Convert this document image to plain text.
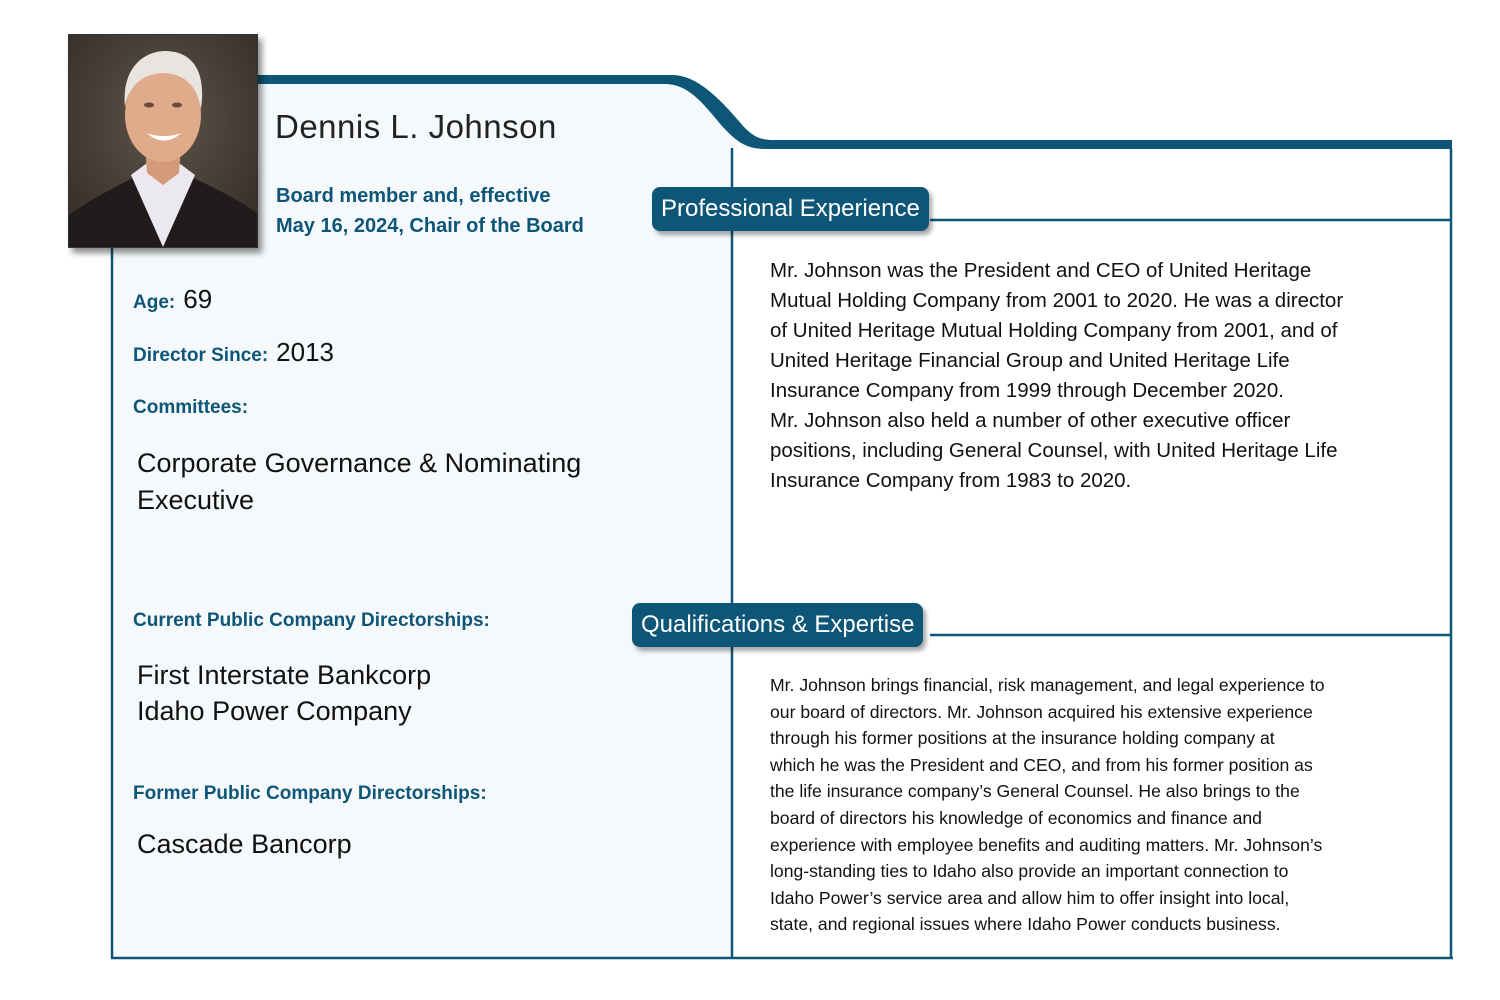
Dennis L. Johnson
Board member and, effective
May 16, 2024, Chair of the Board
Age: 69
Director Since: 2013
Committees:
Corporate Governance & Nominating
Executive
Current Public Company Directorships:
First Interstate Bankcorp
Idaho Power Company
Former Public Company Directorships:
Cascade Bancorp
Professional Experience
Qualifications & Expertise
Mr. Johnson was the President and CEO of United Heritage
Mutual Holding Company from 2001 to 2020. He was a director
of United Heritage Mutual Holding Company from 2001, and of
United Heritage Financial Group and United Heritage Life
Insurance Company from 1999 through December 2020.
Mr. Johnson also held a number of other executive officer
positions, including General Counsel, with United Heritage Life
Insurance Company from 1983 to 2020.
Mr. Johnson brings financial, risk management, and legal experience to
our board of directors. Mr. Johnson acquired his extensive experience
through his former positions at the insurance holding company at
which he was the President and CEO, and from his former position as
the life insurance company’s General Counsel. He also brings to the
board of directors his knowledge of economics and finance and
experience with employee benefits and auditing matters. Mr. Johnson’s
long-standing ties to Idaho also provide an important connection to
Idaho Power’s service area and allow him to offer insight into local,
state, and regional issues where Idaho Power conducts business.
